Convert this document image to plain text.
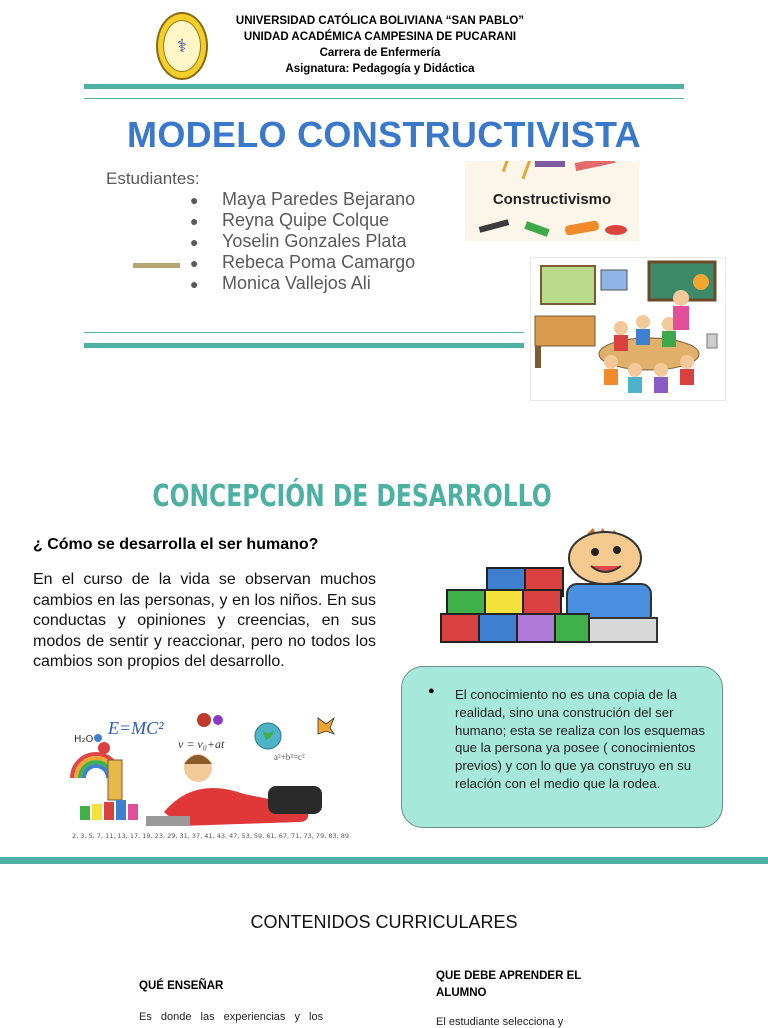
⚕
UNIVERSIDAD CATÓLICA BOLIVIANA “SAN PABLO”
UNIDAD ACADÉMICA CAMPESINA DE PUCARANI
Carrera de Enfermería
Asignatura: Pedagogía y Didáctica
MODELO CONSTRUCTIVISTA
Estudiantes:
● Maya Paredes Bejarano
● Reyna Quipe Colque
● Yoselin Gonzales Plata
● Rebeca Poma Camargo
● Monica Vallejos Ali
Constructivismo
CONCEPCIÓN DE DESARROLLO
¿ Cómo se desarrolla el ser humano?
En el curso de la vida se observan muchos cambios en las personas, y en los niños. En sus conductas y opiniones y creencias, en sus modos de sentir y reaccionar, pero no todos los cambios son propios del desarrollo.
● El conocimiento no es una copia de la realidad, sino una construción del ser humano; esta se realiza con los esquemas que la persona ya posee ( conocimientos previos) y con lo que ya construyo en su relación con el medio que la rodea.
H₂O
E=MC²
v = v₀+at
a²+b²=c²
2, 3, 5, 7, 11, 13, 17, 19, 23, 29, 31, 37, 41, 43, 47, 53, 59, 61, 67, 71, 73, 79, 83, 89
CONTENIDOS CURRICULARES
QUÉ ENSEÑAR
Es donde las experiencias y los
QUE DEBE APRENDER EL ALUMNO
El estudiante selecciona y
